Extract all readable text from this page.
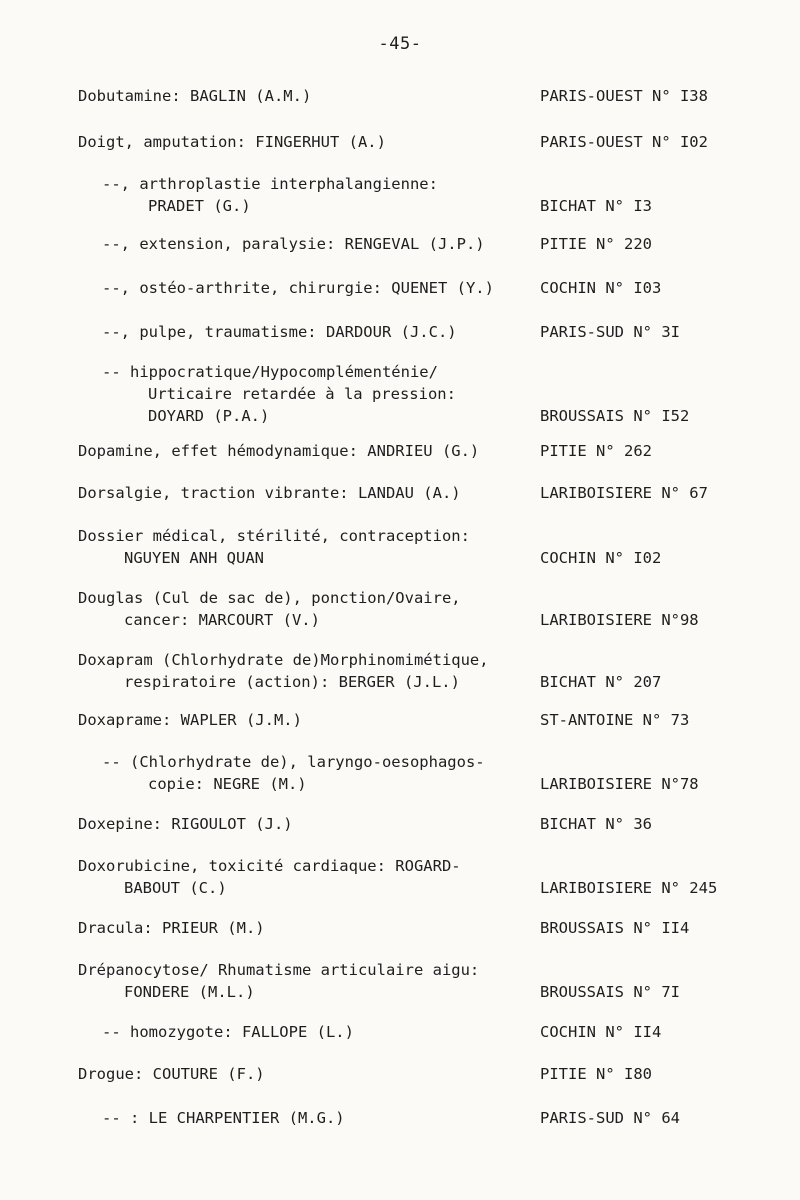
-45-
Dobutamine: BAGLIN (A.M.)	PARIS-OUEST N° I38
Doigt, amputation: FINGERHUT (A.)	PARIS-OUEST N° I02
--, arthroplastie interphalangienne:
PRADET (G.)	BICHAT N° I3
--, extension, paralysie: RENGEVAL (J.P.)	PITIE N° 220
--, ostéo-arthrite, chirurgie: QUENET (Y.)	COCHIN N° I03
--, pulpe, traumatisme: DARDOUR (J.C.)	PARIS-SUD N° 3I
-- hippocratique/Hypocomplémenténie/
Urticaire retardée à la pression:
DOYARD (P.A.)	BROUSSAIS N° I52
Dopamine, effet hémodynamique: ANDRIEU (G.)	PITIE N° 262
Dorsalgie, traction vibrante: LANDAU (A.)	LARIBOISIERE N° 67
Dossier médical, stérilité, contraception:
NGUYEN ANH QUAN	COCHIN N° I02
Douglas (Cul de sac de), ponction/Ovaire,
cancer: MARCOURT (V.)	LARIBOISIERE N°98
Doxapram (Chlorhydrate de)Morphinomimétique,
respiratoire (action): BERGER (J.L.)	BICHAT N° 207
Doxaprame: WAPLER (J.M.)	ST-ANTOINE N° 73
-- (Chlorhydrate de), laryngo-oesophagos-
copie: NEGRE (M.)	LARIBOISIERE N°78
Doxepine: RIGOULOT (J.)	BICHAT N° 36
Doxorubicine, toxicité cardiaque: ROGARD-
BABOUT (C.)	LARIBOISIERE N° 245
Dracula: PRIEUR (M.)	BROUSSAIS N° II4
Drépanocytose/ Rhumatisme articulaire aigu:
FONDERE (M.L.)	BROUSSAIS N° 7I
-- homozygote: FALLOPE (L.)	COCHIN N° II4
Drogue: COUTURE (F.)	PITIE N° I80
-- : LE CHARPENTIER (M.G.)	PARIS-SUD N° 64
